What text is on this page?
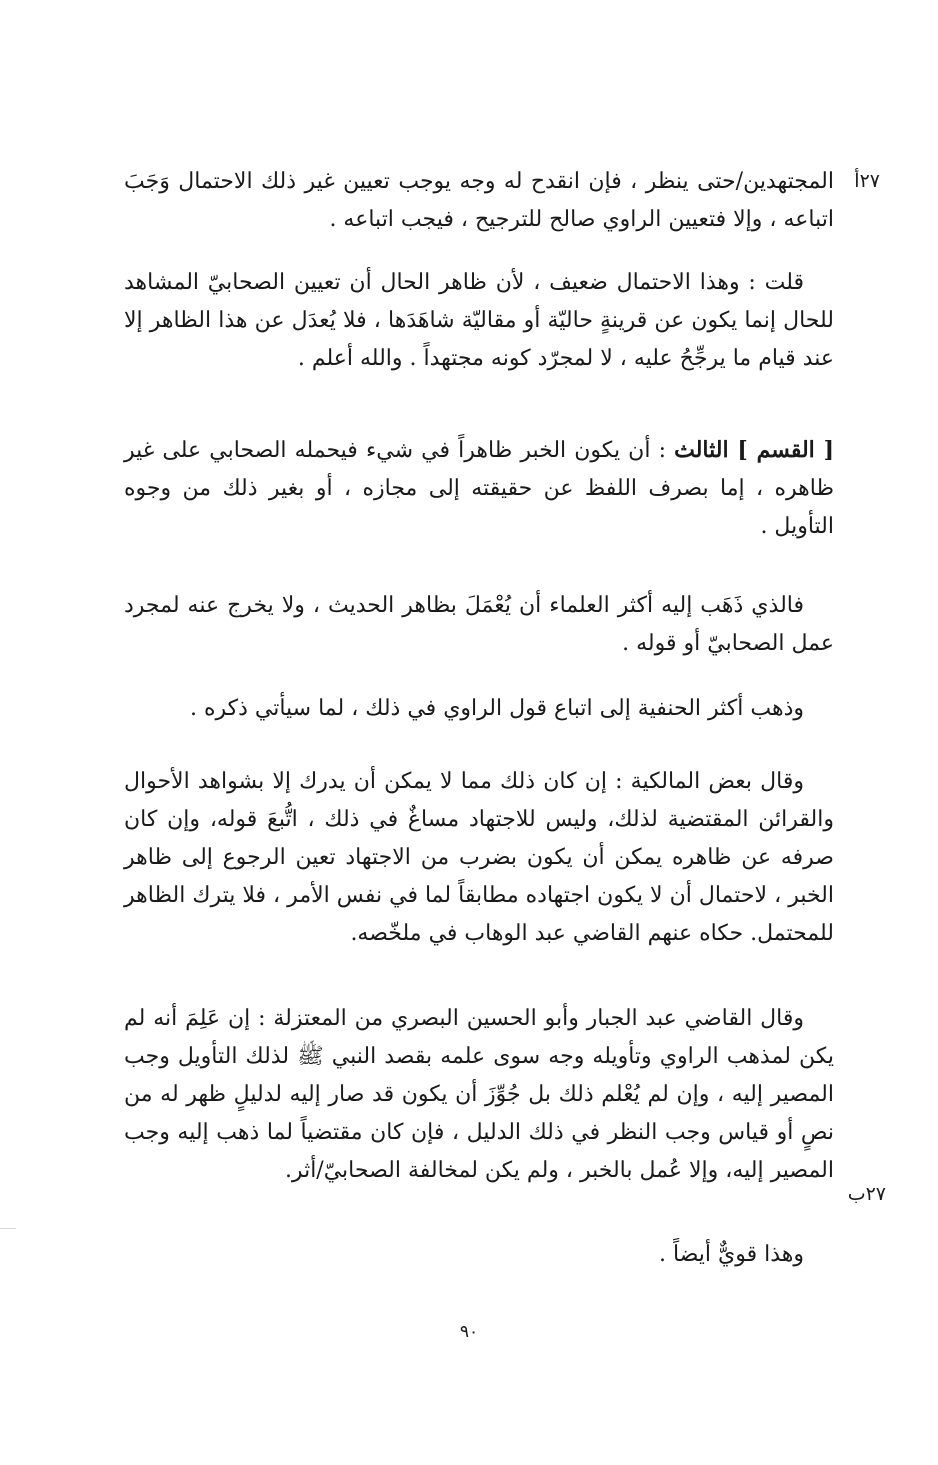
٢٧أ
٢٧ب

المجتهدين/حتى ينظر ، فإن انقدح له وجه يوجب تعيين غير ذلك الاحتمال وَجَبَ اتباعه ، وإلا فتعيين الراوي صالح للترجيح ، فيجب اتباعه .

قلت : وهذا الاحتمال ضعيف ، لأن ظاهر الحال أن تعيين الصحابيّ المشاهد للحال إنما يكون عن قرينةٍ حاليّة أو مقاليّة شاهَدَها ، فلا يُعدَل عن هذا الظاهر إلا عند قيام ما يرجِّحُ عليه ، لا لمجرّد كونه مجتهداً . والله أعلم .

[ القسم ] الثالث : أن يكون الخبر ظاهراً في شيء فيحمله الصحابي على غير ظاهره ، إما بصرف اللفظ عن حقيقته إلى مجازه ، أو بغير ذلك من وجوه التأويل .

فالذي ذَهَب إليه أكثر العلماء أن يُعْمَلَ بظاهر الحديث ، ولا يخرج عنه لمجرد عمل الصحابيّ أو قوله .

وذهب أكثر الحنفية إلى اتباع قول الراوي في ذلك ، لما سيأتي ذكره .

وقال بعض المالكية : إن كان ذلك مما لا يمكن أن يدرك إلا بشواهد الأحوال والقرائن المقتضية لذلك، وليس للاجتهاد مساغٌ في ذلك ، اتُّبعَ قوله، وإن كان صرفه عن ظاهره يمكن أن يكون بضرب من الاجتهاد تعين الرجوع إلى ظاهر الخبر ، لاحتمال أن لا يكون اجتهاده مطابقاً لما في نفس الأمر ، فلا يترك الظاهر للمحتمل. حكاه عنهم القاضي عبد الوهاب في ملخّصه.

وقال القاضي عبد الجبار وأبو الحسين البصري من المعتزلة : إن عَلِمَ أنه لم يكن لمذهب الراوي وتأويله وجه سوى علمه بقصد النبي ﷺ لذلك التأويل وجب المصير إليه ، وإن لم يُعْلم ذلك بل جُوِّزَ أن يكون قد صار إليه لدليلٍ ظهر له من نصٍ أو قياس وجب النظر في ذلك الدليل ، فإن كان مقتضياً لما ذهب إليه وجب المصير إليه، وإلا عُمل بالخبر ، ولم يكن لمخالفة الصحابيّ/أثر.

وهذا قويٌّ أيضاً .

٩٠
